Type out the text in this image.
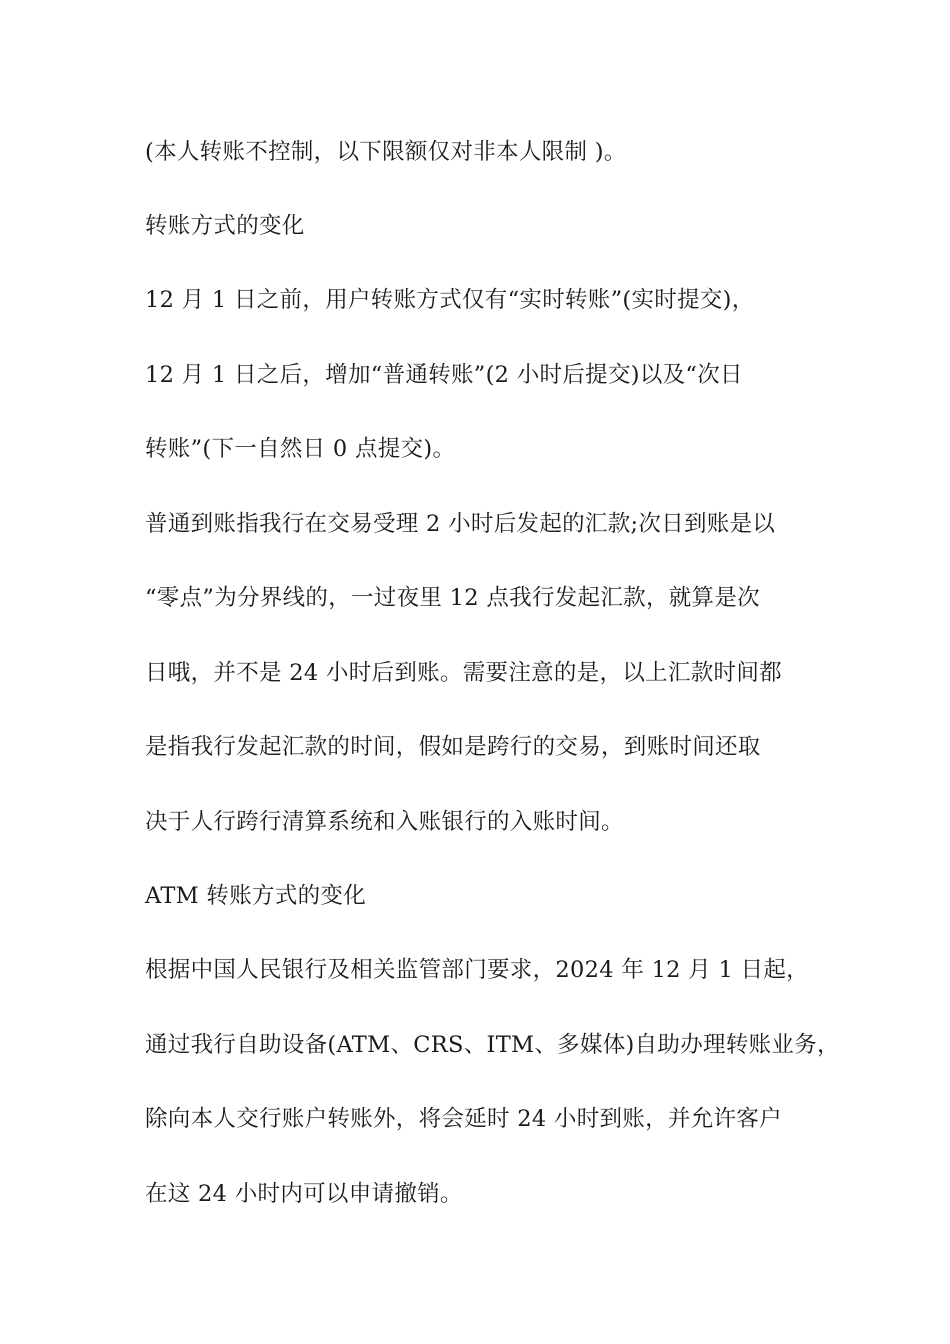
(本人转账不控制，以下限额仅对非本人限制 )。
转账方式的变化
12 月 1 日之前，用户转账方式仅有“实时转账”(实时提交)，
12 月 1 日之后，增加“普通转账”(2 小时后提交)以及“次日
转账”(下一自然日 0 点提交)。
普通到账指我行在交易受理 2 小时后发起的汇款;次日到账是以
“零点”为分界线的，一过夜里 12 点我行发起汇款，就算是次
日哦，并不是 24 小时后到账。需要注意的是，以上汇款时间都
是指我行发起汇款的时间，假如是跨行的交易，到账时间还取
决于人行跨行清算系统和入账银行的入账时间。
ATM 转账方式的变化
根据中国人民银行及相关监管部门要求，2024 年 12 月 1 日起，
通过我行自助设备(ATM、CRS、ITM、多媒体)自助办理转账业务，
除向本人交行账户转账外，将会延时 24 小时到账，并允许客户
在这 24 小时内可以申请撤销。
